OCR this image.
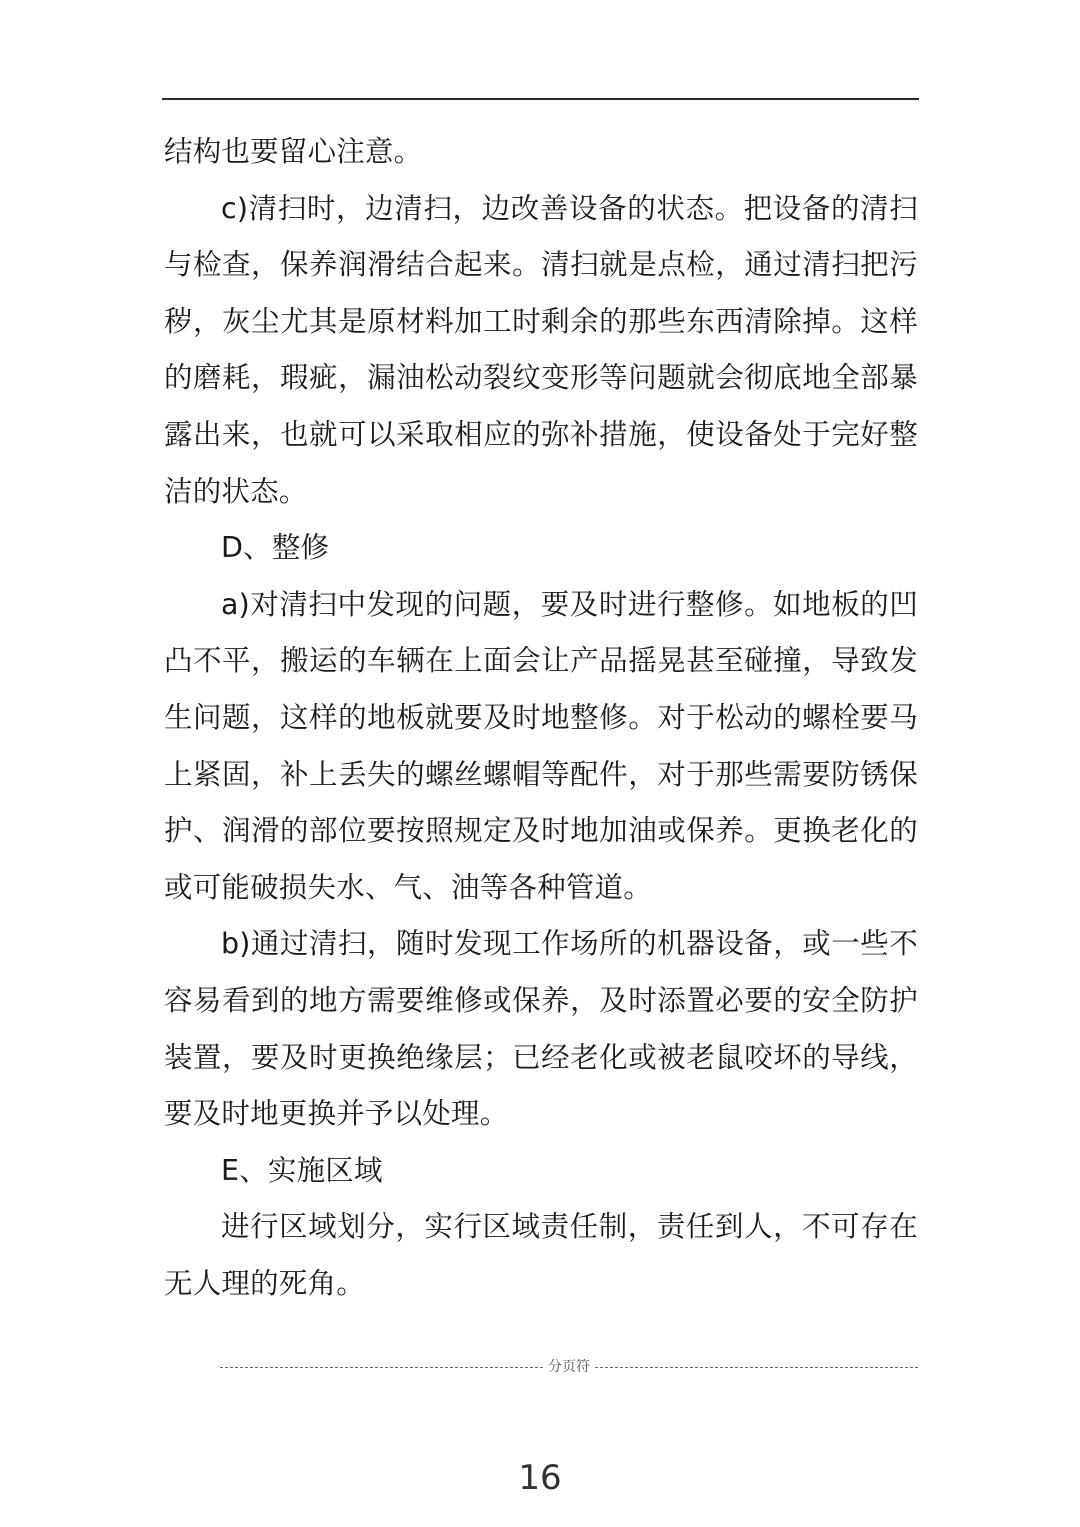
结构也要留心注意。

c)清扫时，边清扫，边改善设备的状态。把设备的清扫与检查，保养润滑结合起来。清扫就是点检，通过清扫把污秽，灰尘尤其是原材料加工时剩余的那些东西清除掉。这样的磨耗，瑕疵，漏油松动裂纹变形等问题就会彻底地全部暴露出来，也就可以采取相应的弥补措施，使设备处于完好整洁的状态。

D、整修

a)对清扫中发现的问题，要及时进行整修。如地板的凹凸不平，搬运的车辆在上面会让产品摇晃甚至碰撞，导致发生问题，这样的地板就要及时地整修。对于松动的螺栓要马上紧固，补上丢失的螺丝螺帽等配件，对于那些需要防锈保护、润滑的部位要按照规定及时地加油或保养。更换老化的或可能破损失水、气、油等各种管道。

b)通过清扫，随时发现工作场所的机器设备，或一些不容易看到的地方需要维修或保养，及时添置必要的安全防护装置，要及时更换绝缘层；已经老化或被老鼠咬坏的导线，要及时地更换并予以处理。

E、实施区域

进行区域划分，实行区域责任制，责任到人，不可存在无人理的死角。

分页符
16
